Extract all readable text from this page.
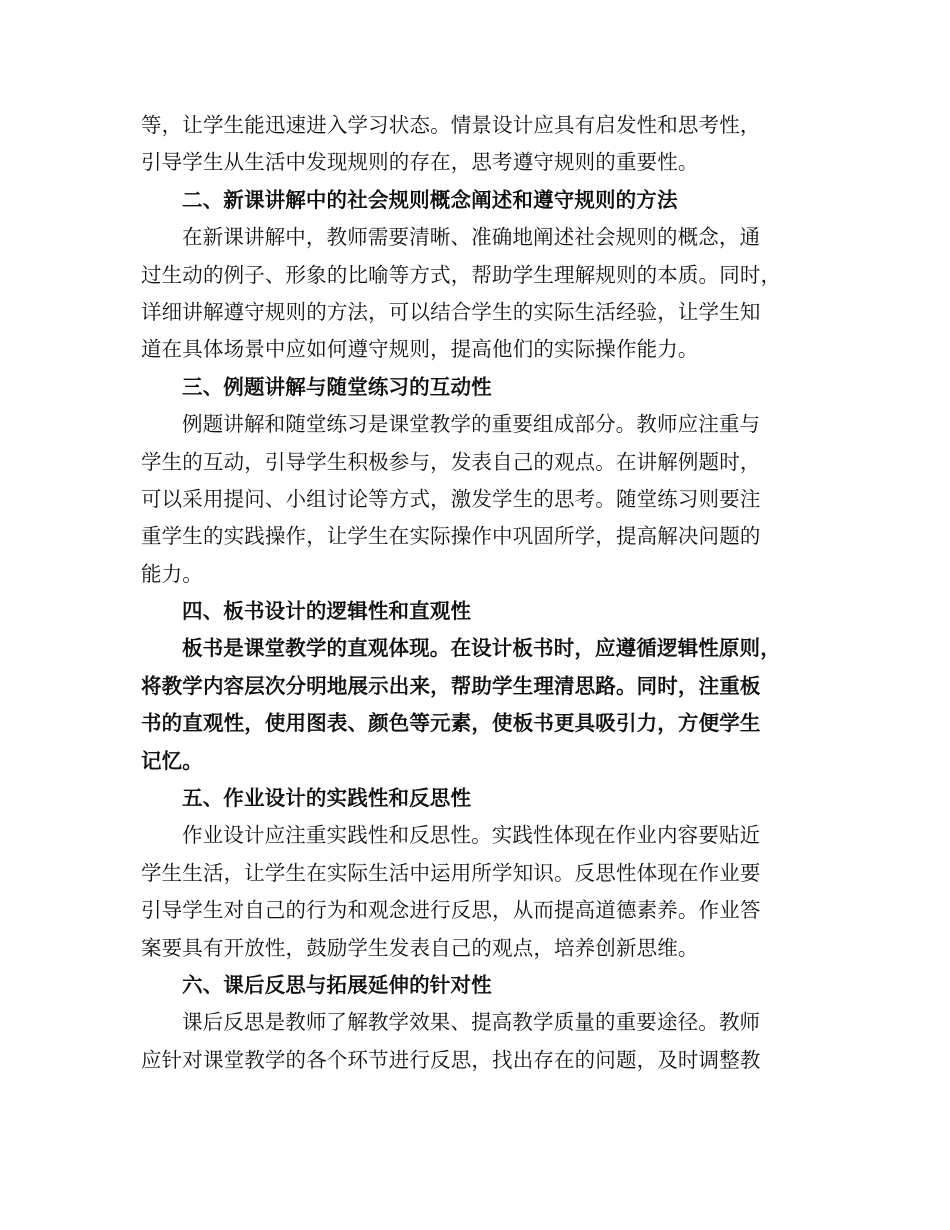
等，让学生能迅速进入学习状态。情景设计应具有启发性和思考性，
引导学生从生活中发现规则的存在，思考遵守规则的重要性。
二、新课讲解中的社会规则概念阐述和遵守规则的方法
在新课讲解中，教师需要清晰、准确地阐述社会规则的概念，通
过生动的例子、形象的比喻等方式，帮助学生理解规则的本质。同时，
详细讲解遵守规则的方法，可以结合学生的实际生活经验，让学生知
道在具体场景中应如何遵守规则，提高他们的实际操作能力。
三、例题讲解与随堂练习的互动性
例题讲解和随堂练习是课堂教学的重要组成部分。教师应注重与
学生的互动，引导学生积极参与，发表自己的观点。在讲解例题时，
可以采用提问、小组讨论等方式，激发学生的思考。随堂练习则要注
重学生的实践操作，让学生在实际操作中巩固所学，提高解决问题的
能力。
四、板书设计的逻辑性和直观性
板书是课堂教学的直观体现。在设计板书时，应遵循逻辑性原则，
将教学内容层次分明地展示出来，帮助学生理清思路。同时，注重板
书的直观性，使用图表、颜色等元素，使板书更具吸引力，方便学生
记忆。
五、作业设计的实践性和反思性
作业设计应注重实践性和反思性。实践性体现在作业内容要贴近
学生生活，让学生在实际生活中运用所学知识。反思性体现在作业要
引导学生对自己的行为和观念进行反思，从而提高道德素养。作业答
案要具有开放性，鼓励学生发表自己的观点，培养创新思维。
六、课后反思与拓展延伸的针对性
课后反思是教师了解教学效果、提高教学质量的重要途径。教师
应针对课堂教学的各个环节进行反思，找出存在的问题，及时调整教
